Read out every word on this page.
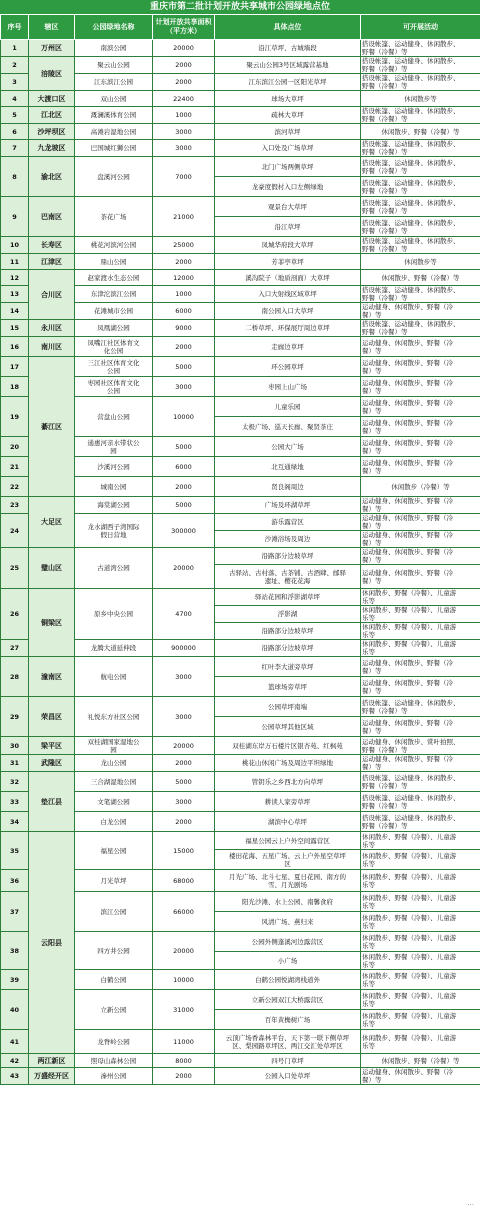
重庆市第二批计划开放共享城市公园绿地点位
序号	辖区	公园绿地名称	计划开放共享面积
（平方米）	具体点位	可开展活动
1	万州区	南滨公园	20000	沿江草坪、古城墙段	搭设帐篷、运动健身、休闲散步、
野餐（冷餐）等
2	涪陵区	聚云山公园	2000	聚云山公园3号区域露营基地	搭设帐篷、运动健身、休闲散步、
野餐（冷餐）等
3		江东滨江公园	2000	江东滨江公园一区阳光草坪	搭设帐篷、运动健身、休闲散步、
野餐（冷餐）等
4	大渡口区	双山公园	22400	球场大草坪	休闲散步等
5	江北区	溉澜溪体育公园	1000	疏林大草坪	搭设帐篷、运动健身、休闲散步、
野餐（冷餐）等
6	沙坪坝区	高滩岩湿地公园	3000	滨河草坪	休闲散步、野餐（冷餐）等
7	九龙坡区	巴国城红狮公园	3000	入口处及广场草坪	搭设帐篷、运动健身、休闲散步、
野餐（冷餐）等
8	渝北区	盘溪河公园	7000	北门广场两侧草坪	搭设帐篷、运动健身、休闲散步、
野餐（冷餐）等
				龙豪度假村入口左侧绿地	搭设帐篷、运动健身、休闲散步、
野餐（冷餐）等
9	巴南区	茶花广场	21000	观景台大草坪	搭设帐篷、运动健身、休闲散步、
野餐（冷餐）等
				沿江草坪	搭设帐篷、运动健身、休闲散步、
野餐（冷餐）等
10	长寿区	桃花河滨河公园	25000	凤城华府段大草坪	搭设帐篷、运动健身、休闲散步、
野餐（冷餐）等
11	江津区	鼎山公园	2000	芳菲亭草坪	休闲散步等
12	合川区	赵家渡水生态公园	12000	溪沟院子（地质剖面）大草坪	休闲散步、野餐（冷餐）等
13		东津沱滨江公园	1000	入口大射线区域草坪	搭设帐篷、运动健身、休闲散步、
野餐（冷餐）等
14		花滩城市公园	6000	南公园入口大草坪	运动健身、休闲散步、野餐（冷
餐）等
15	永川区	凤凰湖公园	9000	二桥草坪、环保展厅周边草坪	搭设帐篷、运动健身、休闲散步、
野餐（冷餐）等
16	南川区	凤嘴江社区体育文
化公园	2000	走廊边草坪	运动健身、休闲散步、野餐（冷
餐）等
17	綦江区	三江社区体育文化
公园	5000	环公园草坪	运动健身、休闲散步、野餐（冷
餐）等
18		枣园社区体育文化
公园	3000	枣园上山广场	运动健身、休闲散步、野餐（冷
餐）等
19		营盘山公园	10000	儿童乐园	运动健身、休闲散步、野餐（冷
餐）等
				太极广场、巡天长廊、聚贤茶庄	运动健身、休闲散步、野餐（冷
餐）等
20		通惠河亲水带状公
园	5000	公园大广场	运动健身、休闲散步、野餐（冷
餐）等
21		沙溪河公园	6000	北互通绿地	运动健身、休闲散步、野餐（冷
餐）等
22		城南公园	2000	贤良阁周边	休闲散步（冷餐）等
23	大足区	海棠湖公园	5000	广场及环湖草坪	运动健身、休闲散步、野餐（冷
餐）等
24		龙水湖西子湾国际
假日营地	300000	游乐露营区	运动健身、休闲散步、野餐（冷
餐）等
				沙滩浴场及周边	运动健身、休闲散步、野餐（冷
餐）等
25	璧山区	古道湾公园	20000	沿路部分边坡草坪	运动健身、休闲散步、野餐（冷
餐）等
				古驿站、古村落、古茶铺、古酒肆、邮驿
遗址、樱花花海	运动健身、休闲散步、野餐（冷
餐）等
26	铜梁区	原乡中央公园	4700	驿站花园和浮影湖草坪	休闲散步、野餐（冷餐）、儿童游
乐等
				浮影湖	休闲散步、野餐（冷餐）、儿童游
乐等
				沿路部分边坡草坪	休闲散步、野餐（冷餐）、儿童游
乐等
27		龙腾大道延伸段	900000	沿路部分边坡草坪	休闲散步、野餐（冷餐）、儿童游
乐等
28	潼南区	航电公园	3000	红叶李大道旁草坪	运动健身、休闲散步、野餐（冷
餐）等
				篮球场旁草坪	运动健身、休闲散步、野餐（冷
餐）等
29	荣昌区	礼悦东方社区公园	3000	公园草坪南端	搭设帐篷、运动健身、休闲散步、
野餐（冷餐）等
				公园草坪其他区域	运动健身、休闲散步、野餐（冷
餐）等
30	梁平区	双桂湖国家湿地公
园	20000	双桂湖东岸万石楼片区银杏苑、红枫苑	运动健身、休闲散步、赏叶拍照、
野餐（冷餐）等
31	武隆区	龙山公园	2000	桃花山休闲广场及周边平坦绿地	运动健身、休闲散步、野餐（冷
餐）等
32	垫江县	三合湖湿地公园	5000	管钥乐之乡西北方向草坪	搭设帐篷、运动健身、休闲散步、
野餐（冷餐）等
33		文笔湖公园	3000	耕读人家旁草坪	搭设帐篷、运动健身、休闲散步、
野餐（冷餐）等
34		白龙公园	2000	湖滨中心草坪	搭设帐篷、运动健身、休闲散步、
野餐（冷餐）等
35	云阳县	福星公园	15000	福星公园云上户外空间露营区	休闲散步、野餐（冷餐）、儿童游
乐等
				楼田花海、五星广场、云上户外星空草坪
区	休闲散步、野餐（冷餐）、儿童游
乐等
36		月光草坪	68000	月光广场、北斗七星、夏日花园、南方的
雪、月光剧场	休闲散步、野餐（冷餐）、儿童游
乐等
37		滨江公园	66000	阳光沙滩、水上公园、南馨食府	休闲散步、野餐（冷餐）、儿童游
乐等
				风清广场、燕归来	休闲散步、野餐（冷餐）、儿童游
乐等
38		四方井公园	20000	公园外侧蓬溪河边露营区	休闲散步、野餐（冷餐）、儿童游
乐等
				小广场	休闲散步、野餐（冷餐）、儿童游
乐等
39		白鹤公园	10000	白鹤公园悦湖湾栈道外	休闲散步、野餐（冷餐）、儿童游
乐等
40		立新公园	31000	立新公园双江大桥露营区	休闲散步、野餐（冷餐）、儿童游
乐等
				百年黄桷树广场	休闲散步、野餐（冷餐）、儿童游
乐等
41		龙脊岭公园	11000	云顶广场香森林平台、天下第一联下侧草坪
区、梨园路草坪区、两江交汇处草坪区	休闲散步、野餐（冷餐）、儿童游
乐等
42	两江新区	照母山森林公园	8000	四号门草坪	休闲散步、野餐（冷餐）等
43	万盛经开区	溱州公园	2000	公园入口处草坪	运动健身、休闲散步、野餐（冷
餐）等
···
